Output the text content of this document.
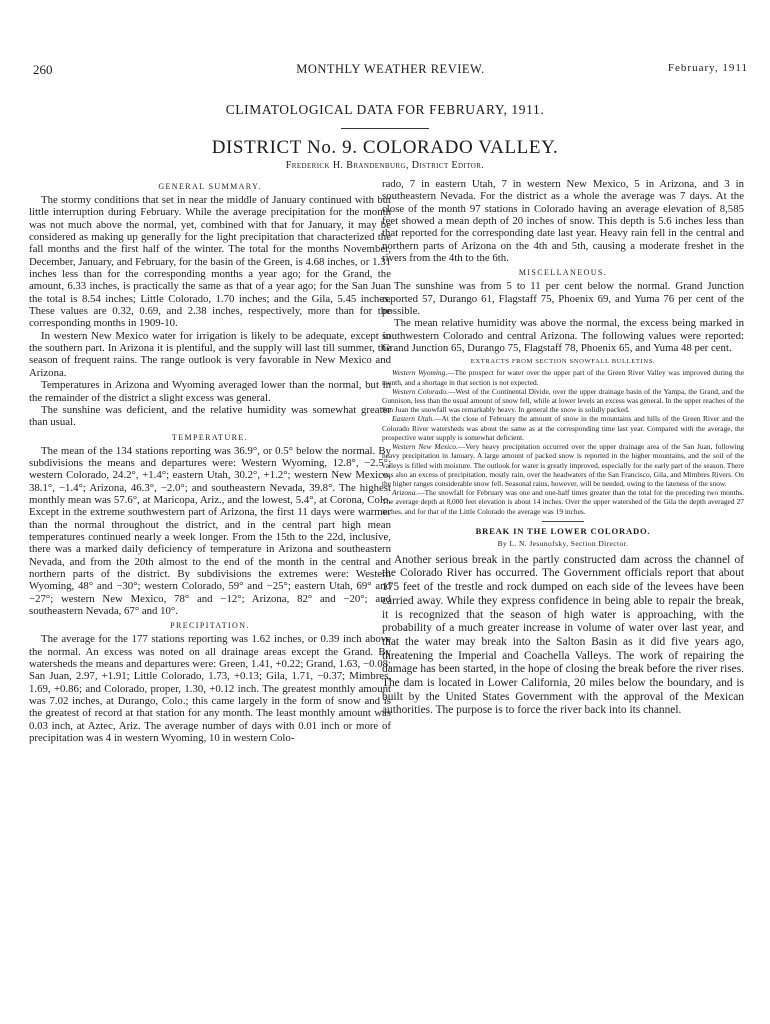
260	MONTHLY WEATHER REVIEW.	February, 1911
CLIMATOLOGICAL DATA FOR FEBRUARY, 1911.
DISTRICT No. 9. COLORADO VALLEY.
Frederick H. Brandenburg, District Editor.
GENERAL SUMMARY.

The stormy conditions that set in near the middle of January continued with but little interruption during February. While the average precipitation for the month was not much above the normal, yet, combined with that for January, it may be considered as making up generally for the light precipitation that characterized the fall months and the first half of the winter. The total for the months November, December, January, and February, for the basin of the Green, is 4.68 inches, or 1.31 inches less than for the corresponding months a year ago; for the Grand, the amount, 6.33 inches, is practically the same as that of a year ago; for the San Juan the total is 8.54 inches; Little Colorado, 1.70 inches; and the Gila, 5.45 inches. These values are 0.32, 0.69, and 2.38 inches, respectively, more than for the corresponding months in 1909-10.

In western New Mexico water for irrigation is likely to be adequate, except in the southern part. In Arizona it is plentiful, and the supply will last till summer, the season of frequent rains. The range outlook is very favorable in New Mexico and Arizona.

Temperatures in Arizona and Wyoming averaged lower than the normal, but in the remainder of the district a slight excess was general.

The sunshine was deficient, and the relative humidity was somewhat greater than usual.

TEMPERATURE.

The mean of the 134 stations reporting was 36.9°, or 0.5° below the normal. By subdivisions the means and departures were: Western Wyoming, 12.8°, −2.5°; western Colorado, 24.2°, +1.4°; eastern Utah, 30.2°, +1.2°; western New Mexico, 38.1°, −1.4°; Arizona, 46.3°, −2.0°; and southeastern Nevada, 39.8°. The highest monthly mean was 57.6°, at Maricopa, Ariz., and the lowest, 5.4°, at Corona, Colo. Except in the extreme southwestern part of Arizona, the first 11 days were warmer than the normal throughout the district, and in the central part high mean temperatures continued nearly a week longer. From the 15th to the 22d, inclusive, there was a marked daily deficiency of temperature in Arizona and southeastern Nevada, and from the 20th almost to the end of the month in the central and northern parts of the district. By subdivisions the extremes were: Western Wyoming, 48° and −30°; western Colorado, 59° and −25°; eastern Utah, 69° and −27°; western New Mexico, 78° and −12°; Arizona, 82° and −20°; and southeastern Nevada, 67° and 10°.

PRECIPITATION.

The average for the 177 stations reporting was 1.62 inches, or 0.39 inch above the normal. An excess was noted on all drainage areas except the Grand. By watersheds the means and departures were: Green, 1.41, +0.22; Grand, 1.63, −0.08; San Juan, 2.97, +1.91; Little Colorado, 1.73, +0.13; Gila, 1.71, −0.37; Mimbres, 1.69, +0.86; and Colorado, proper, 1.30, +0.12 inch. The greatest monthly amount was 7.02 inches, at Durango, Colo.; this came largely in the form of snow and is the greatest of record at that station for any month. The least monthly amount was 0.03 inch, at Aztec, Ariz. The average number of days with 0.01 inch or more of precipitation was 4 in western Wyoming, 10 in western Colo-

rado, 7 in eastern Utah, 7 in western New Mexico, 5 in Arizona, and 3 in southeastern Nevada. For the district as a whole the average was 7 days. At the close of the month 97 stations in Colorado having an average elevation of 8,585 feet showed a mean depth of 20 inches of snow. This depth is 5.6 inches less than that reported for the corresponding date last year. Heavy rain fell in the central and northern parts of Arizona on the 4th and 5th, causing a moderate freshet in the rivers from the 4th to the 6th.

MISCELLANEOUS.

The sunshine was from 5 to 11 per cent below the normal. Grand Junction reported 57, Durango 61, Flagstaff 75, Phoenix 69, and Yuma 76 per cent of the possible.

The mean relative humidity was above the normal, the excess being marked in southwestern Colorado and central Arizona. The following values were reported: Grand Junction 65, Durango 75, Flagstaff 78, Phoenix 65, and Yuma 48 per cent.

EXTRACTS FROM SECTION SNOWFALL BULLETINS.

Western Wyoming.—The prospect for water over the upper part of the Green River Valley was improved during the month, and a shortage in that section is not expected.

Western Colorado.—West of the Continental Divide, over the upper drainage basin of the Yampa, the Grand, and the Gunnison, less than the usual amount of snow fell, while at lower levels an excess was general. In the upper reaches of the San Juan the snowfall was remarkably heavy. In general the snow is solidly packed.

Eastern Utah.—At the close of February the amount of snow in the mountains and hills of the Green River and the Colorado River watersheds was about the same as at the corresponding time last year. Compared with the average, the prospective water supply is somewhat deficient.

Western New Mexico.—Very heavy precipitation occurred over the upper drainage area of the San Juan, following heavy precipitation in January. A large amount of packed snow is reported in the higher mountains, and the soil of the valleys is filled with moisture. The outlook for water is greatly improved, especially for the early part of the season. There was also an excess of precipitation, mostly rain, over the headwaters of the San Francisco, Gila, and Mimbres Rivers. On the higher ranges considerable snow fell. Seasonal rains, however, will be needed, owing to the lateness of the snow.

Arizona.—The snowfall for February was one and one-half times greater than the total for the preceding two months. The average depth at 8,000 feet elevation is about 14 inches. Over the upper watershed of the Gila the depth averaged 27 inches, and for that of the Little Colorado the average was 19 inches.

BREAK IN THE LOWER COLORADO.
By L. N. Jesunofsky, Section Director.

Another serious break in the partly constructed dam across the channel of the Colorado River has occurred. The Government officials report that about 175 feet of the trestle and rock dumped on each side of the levees have been carried away. While they express confidence in being able to repair the break, it is recognized that the season of high water is approaching, with the probability of a much greater increase in volume of water over last year, and that the water may break into the Salton Basin as it did five years ago, threatening the Imperial and Coachella Valleys. The work of repairing the damage has been started, in the hope of closing the break before the river rises. The dam is located in Lower California, 20 miles below the boundary, and is built by the United States Government with the approval of the Mexican authorities. The purpose is to force the river back into its channel.
